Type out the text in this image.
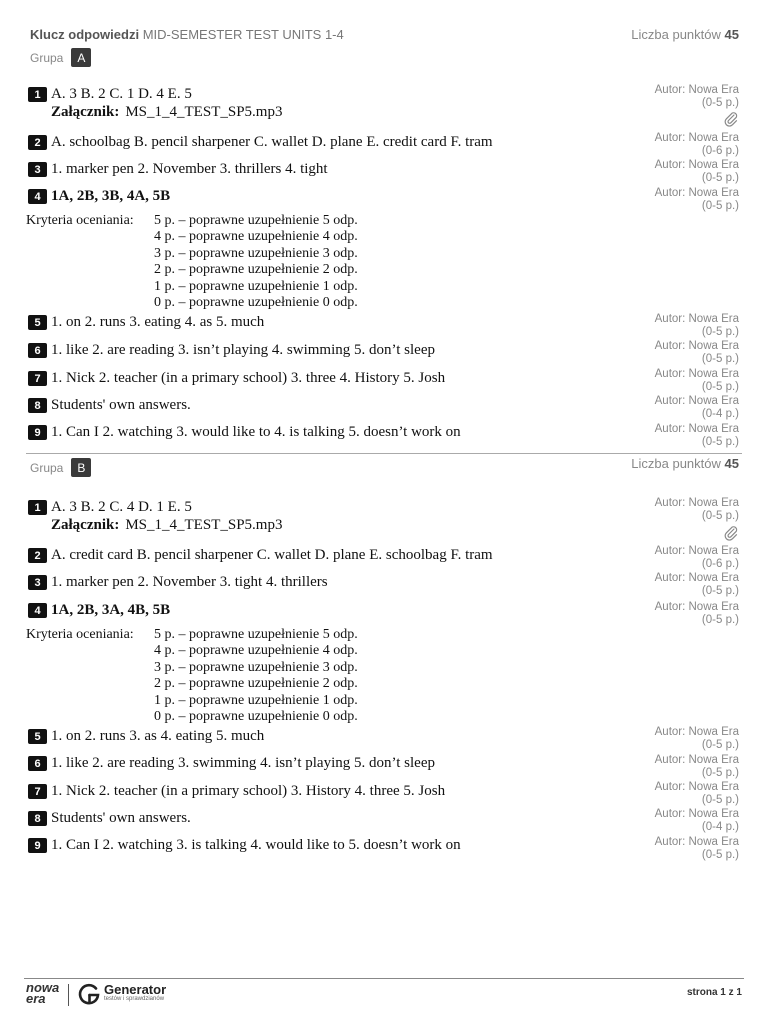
Klucz odpowiedzi MID-SEMESTER TEST UNITS 1-4	Liczba punktów 45
Grupa	A
1 A. 3 B. 2 C. 1 D. 4 E. 5
Załącznik: MS_1_4_TEST_SP5.mp3
Autor: Nowa Era
(0-5 p.)
2 A. schoolbag B. pencil sharpener C. wallet D. plane E. credit card F. tram	Autor: Nowa Era
(0-6 p.)
3 1. marker pen 2. November 3. thrillers 4. tight	Autor: Nowa Era
(0-5 p.)
4 1A, 2B, 3B, 4A, 5B	Autor: Nowa Era
(0-5 p.)
Kryteria oceniania: 5 p. – poprawne uzupełnienie 5 odp.
4 p. – poprawne uzupełnienie 4 odp.
3 p. – poprawne uzupełnienie 3 odp.
2 p. – poprawne uzupełnienie 2 odp.
1 p. – poprawne uzupełnienie 1 odp.
0 p. – poprawne uzupełnienie 0 odp.
5 1. on 2. runs 3. eating 4. as 5. much	Autor: Nowa Era
(0-5 p.)
6 1. like 2. are reading 3. isn’t playing 4. swimming 5. don’t sleep	Autor: Nowa Era
(0-5 p.)
7 1. Nick 2. teacher (in a primary school) 3. three 4. History 5. Josh	Autor: Nowa Era
(0-5 p.)
8 Students' own answers.	Autor: Nowa Era
(0-4 p.)
9 1. Can I 2. watching 3. would like to 4. is talking 5. doesn’t work on	Autor: Nowa Era
(0-5 p.)
Grupa	B	Liczba punktów 45
1 A. 3 B. 2 C. 4 D. 1 E. 5
Załącznik: MS_1_4_TEST_SP5.mp3
Autor: Nowa Era
(0-5 p.)
2 A. credit card B. pencil sharpener C. wallet D. plane E. schoolbag F. tram	Autor: Nowa Era
(0-6 p.)
3 1. marker pen 2. November 3. tight 4. thrillers	Autor: Nowa Era
(0-5 p.)
4 1A, 2B, 3A, 4B, 5B	Autor: Nowa Era
(0-5 p.)
Kryteria oceniania: 5 p. – poprawne uzupełnienie 5 odp.
4 p. – poprawne uzupełnienie 4 odp.
3 p. – poprawne uzupełnienie 3 odp.
2 p. – poprawne uzupełnienie 2 odp.
1 p. – poprawne uzupełnienie 1 odp.
0 p. – poprawne uzupełnienie 0 odp.
5 1. on 2. runs 3. as 4. eating 5. much	Autor: Nowa Era
(0-5 p.)
6 1. like 2. are reading 3. swimming 4. isn’t playing 5. don’t sleep	Autor: Nowa Era
(0-5 p.)
7 1. Nick 2. teacher (in a primary school) 3. History 4. three 5. Josh	Autor: Nowa Era
(0-5 p.)
8 Students' own answers.	Autor: Nowa Era
(0-4 p.)
9 1. Can I 2. watching 3. is talking 4. would like to 5. doesn’t work on	Autor: Nowa Era
(0-5 p.)
nowa
era
Generator
testów i sprawdzianów
strona 1 z 1
